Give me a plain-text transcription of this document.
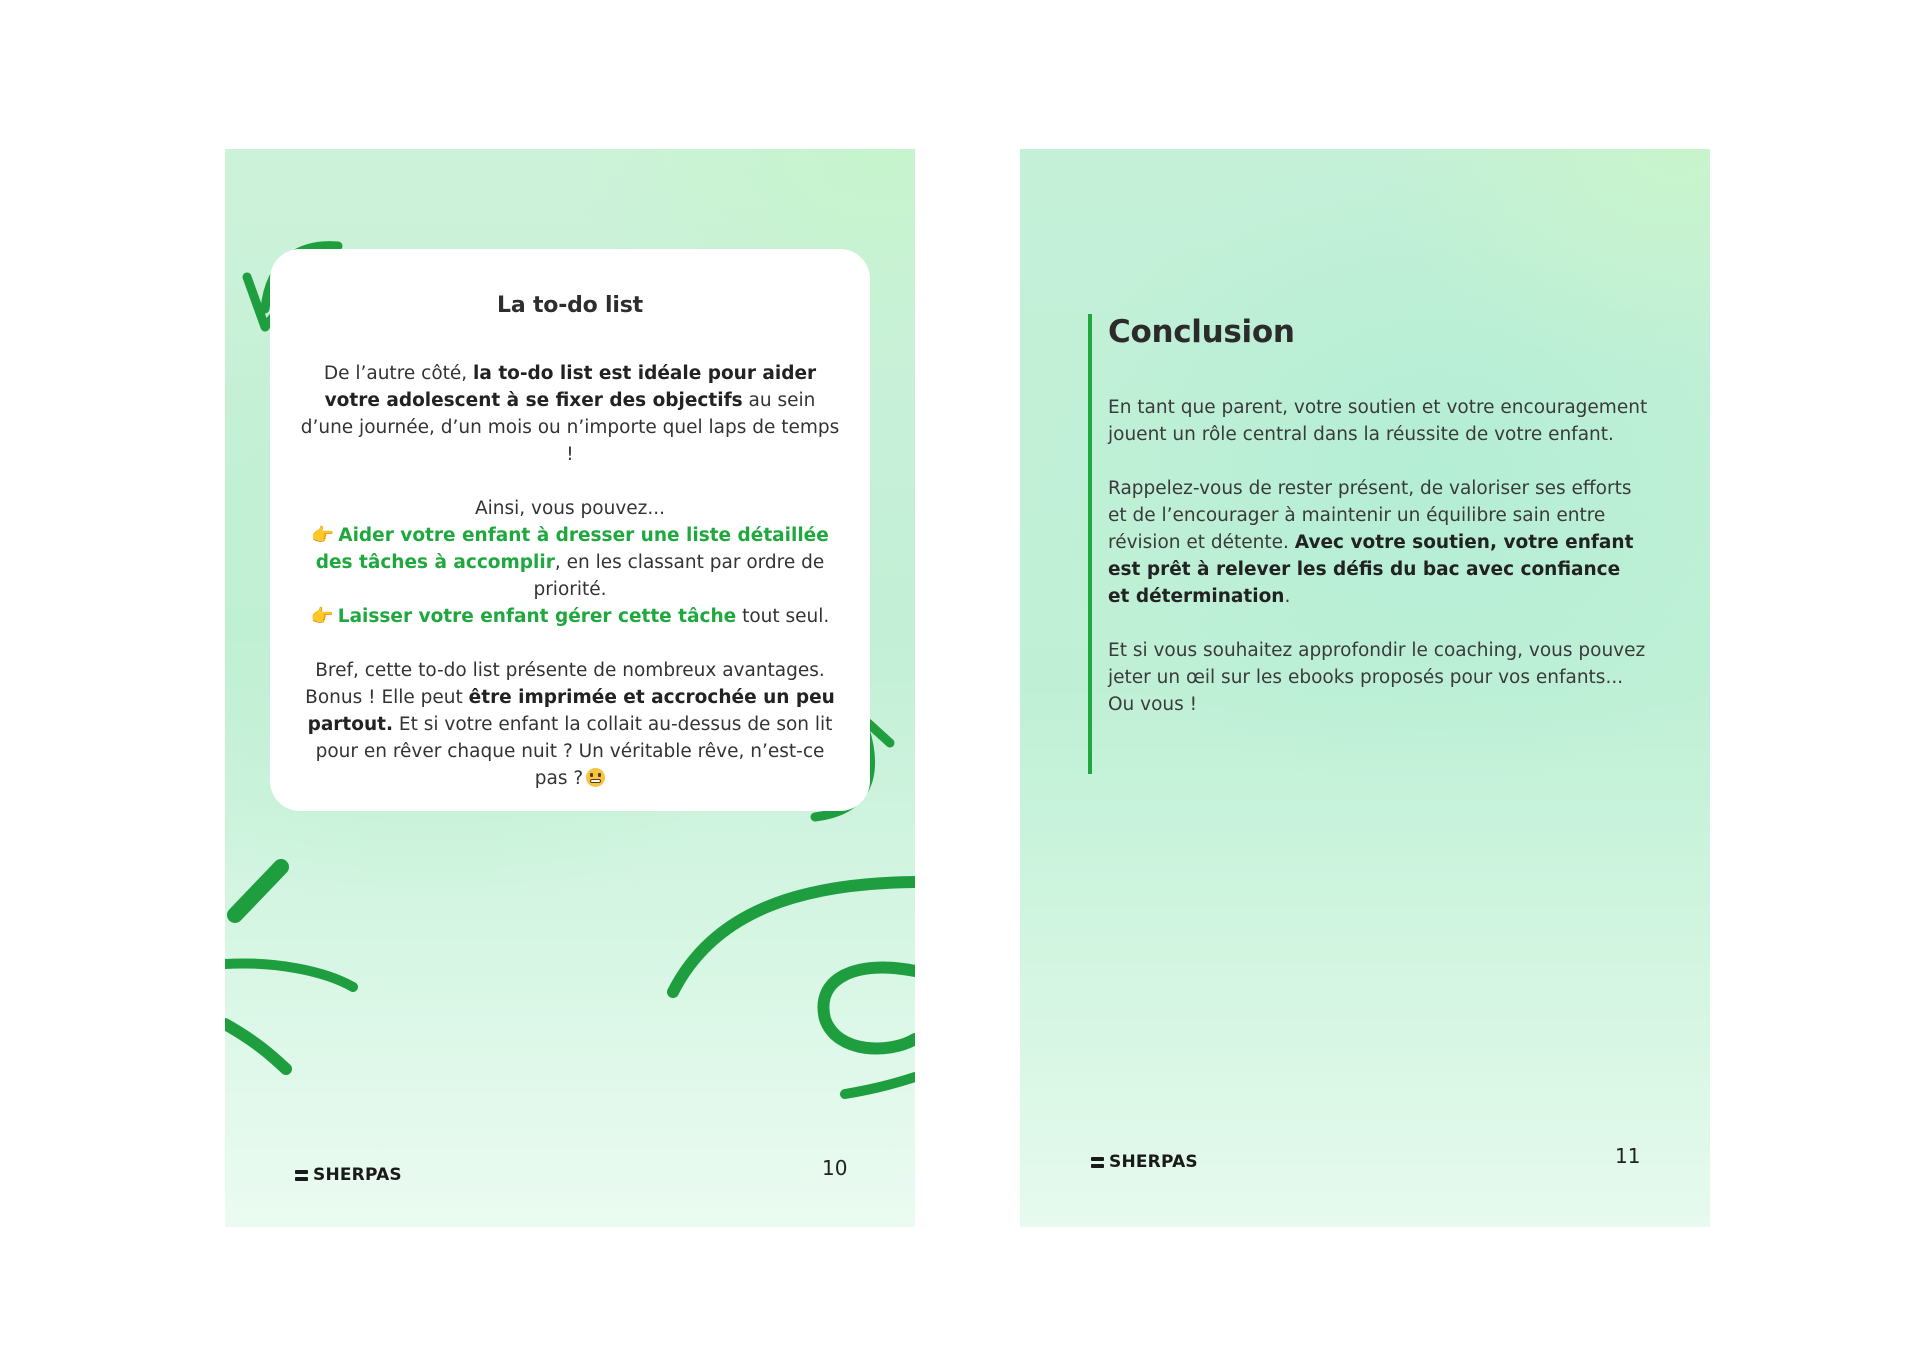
La to-do list

De l’autre côté, la to-do list est idéale pour aider votre adolescent à se fixer des objectifs au sein d’une journée, d’un mois ou n’importe quel laps de temps !

Ainsi, vous pouvez...
👉 Aider votre enfant à dresser une liste détaillée des tâches à accomplir, en les classant par ordre de priorité.
👉 Laisser votre enfant gérer cette tâche tout seul.

Bref, cette to-do list présente de nombreux avantages. Bonus ! Elle peut être imprimée et accrochée un peu partout. Et si votre enfant la collait au-dessus de son lit pour en rêver chaque nuit ? Un véritable rêve, n’est-ce pas ?

SHERPAS	10
Conclusion

En tant que parent, votre soutien et votre encouragement jouent un rôle central dans la réussite de votre enfant.

Rappelez-vous de rester présent, de valoriser ses efforts et de l’encourager à maintenir un équilibre sain entre révision et détente. Avec votre soutien, votre enfant est prêt à relever les défis du bac avec confiance et détermination.

Et si vous souhaitez approfondir le coaching, vous pouvez jeter un œil sur les ebooks proposés pour vos enfants... Ou vous !

SHERPAS	11
